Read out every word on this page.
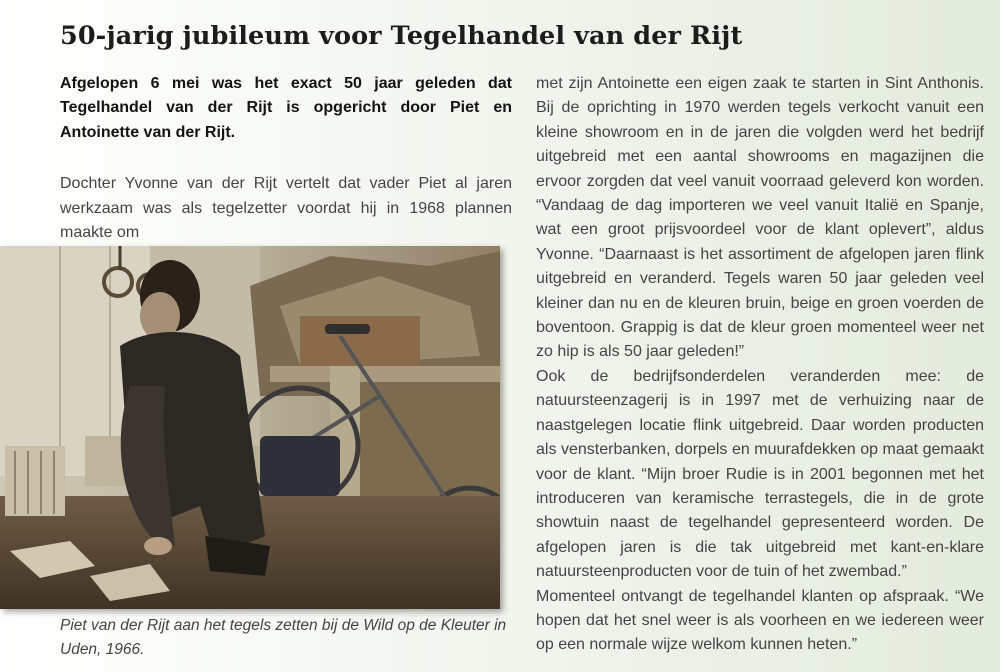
50-jarig jubileum voor Tegelhandel van der Rijt

Afgelopen 6 mei was het exact 50 jaar geleden dat Tegelhandel van der Rijt is opgericht door Piet en Antoinette van der Rijt.

Dochter Yvonne van der Rijt vertelt dat vader Piet al jaren werkzaam was als tegelzetter voordat hij in 1968 plannen maakte om

Piet van der Rijt aan het tegels zetten bij de Wild op de Kleuter in Uden, 1966.

met zijn Antoinette een eigen zaak te starten in Sint Anthonis. Bij de oprichting in 1970 werden tegels verkocht vanuit een kleine showroom en in de jaren die volgden werd het bedrijf uitgebreid met een aantal showrooms en magazijnen die ervoor zorgden dat veel vanuit voorraad geleverd kon worden. “Vandaag de dag importeren we veel vanuit Italië en Spanje, wat een groot prijsvoordeel voor de klant oplevert”, aldus Yvonne. “Daarnaast is het assortiment de afgelopen jaren flink uitgebreid en veranderd. Tegels waren 50 jaar geleden veel kleiner dan nu en de kleuren bruin, beige en groen voerden de boventoon. Grappig is dat de kleur groen momenteel weer net zo hip is als 50 jaar geleden!”

Ook de bedrijfsonderdelen veranderden mee: de natuursteenzagerij is in 1997 met de verhuizing naar de naastgelegen locatie flink uitgebreid. Daar worden producten als vensterbanken, dorpels en muurafdekken op maat gemaakt voor de klant. “Mijn broer Rudie is in 2001 begonnen met het introduceren van keramische terrastegels, die in de grote showtuin naast de tegelhandel gepresenteerd worden. De afgelopen jaren is die tak uitgebreid met kant-en-klare natuursteenproducten voor de tuin of het zwembad.”

Momenteel ontvangt de tegelhandel klanten op afspraak. “We hopen dat het snel weer is als voorheen en we iedereen weer op een normale wijze welkom kunnen heten.”
